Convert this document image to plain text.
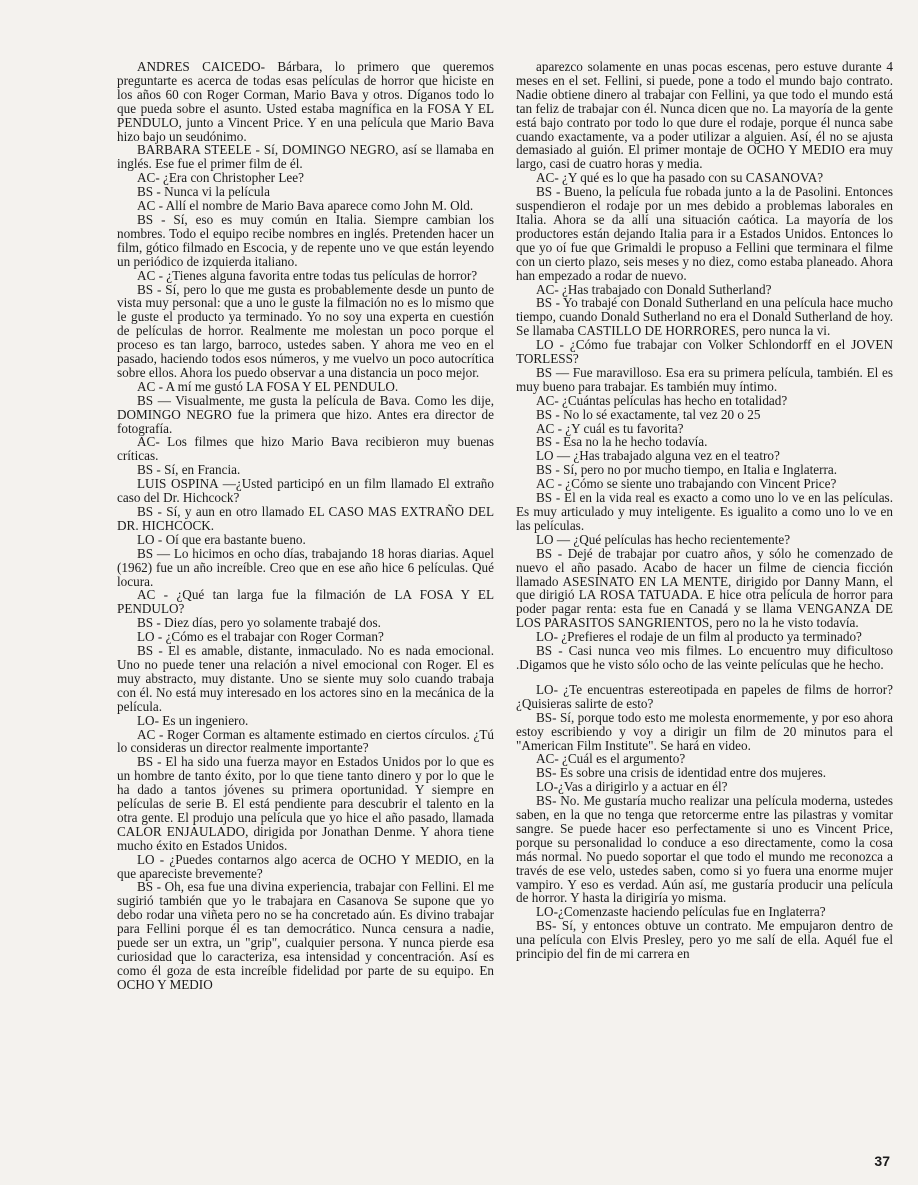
ANDRES CAICEDO- Bárbara, lo primero que queremos preguntarte es acerca de todas esas películas de horror que hiciste en los años 60 con Roger Corman, Mario Bava y otros. Díganos todo lo que pueda sobre el asunto. Usted estaba magnífica en la FOSA Y EL PENDULO, junto a Vincent Price. Y en una película que Mario Bava hizo bajo un seudónimo.

BARBARA STEELE - Sí, DOMINGO NEGRO, así se llamaba en inglés. Ese fue el primer film de él.

AC- ¿Era con Christopher Lee?

BS - Nunca vi la película

AC - Allí el nombre de Mario Bava aparece como John M. Old.

BS - Sí, eso es muy común en Italia. Siempre cambian los nombres. Todo el equipo recibe nombres en inglés. Pretenden hacer un film, gótico filmado en Escocia, y de repente uno ve que están leyendo un periódico de izquierda italiano.

AC - ¿Tienes alguna favorita entre todas tus películas de horror?

BS - Sí, pero lo que me gusta es probablemente desde un punto de vista muy personal: que a uno le guste la filmación no es lo mismo que le guste el producto ya terminado. Yo no soy una experta en cuestión de películas de horror. Realmente me molestan un poco porque el proceso es tan largo, barroco, ustedes saben. Y ahora me veo en el pasado, haciendo todos esos números, y me vuelvo un poco autocrítica sobre ellos. Ahora los puedo observar a una distancia un poco mejor.

AC - A mí me gustó LA FOSA Y EL PENDULO.

BS — Visualmente, me gusta la película de Bava. Como les dije, DOMINGO NEGRO fue la primera que hizo. Antes era director de fotografía.

AC- Los filmes que hizo Mario Bava recibieron muy buenas críticas.

BS - Sí, en Francia.

LUIS OSPINA —¿Usted participó en un film llamado El extraño caso del Dr. Hichcock?

BS - Sí, y aun en otro llamado EL CASO MAS EXTRAÑO DEL DR. HICHCOCK.

LO - Oí que era bastante bueno.

BS — Lo hicimos en ocho días, trabajando 18 horas diarias. Aquel (1962) fue un año increíble. Creo que en ese año hice 6 películas. Qué locura.

AC - ¿Qué tan larga fue la filmación de LA FOSA Y EL PENDULO?

BS - Diez días, pero yo solamente trabajé dos.

LO - ¿Cómo es el trabajar con Roger Corman?

BS - El es amable, distante, inmaculado. No es nada emocional. Uno no puede tener una relación a nivel emocional con Roger. El es muy abstracto, muy distante. Uno se siente muy solo cuando trabaja con él. No está muy interesado en los actores sino en la mecánica de la película.

LO- Es un ingeniero.

AC - Roger Corman es altamente estimado en ciertos círculos. ¿Tú lo consideras un director realmente importante?

BS - El ha sido una fuerza mayor en Estados Unidos por lo que es un hombre de tanto éxito, por lo que tiene tanto dinero y por lo que le ha dado a tantos jóvenes su primera oportunidad. Y siempre en películas de serie B. El está pendiente para descubrir el talento en la otra gente. El produjo una película que yo hice el año pasado, llamada CALOR ENJAULADO, dirigida por Jonathan Denme. Y ahora tiene mucho éxito en Estados Unidos.

LO - ¿Puedes contarnos algo acerca de OCHO Y MEDIO, en la que apareciste brevemente?

BS - Oh, esa fue una divina experiencia, trabajar con Fellini. El me sugirió también que yo le trabajara en Casanova Se supone que yo debo rodar una viñeta pero no se ha concretado aún. Es divino trabajar para Fellini porque él es tan democrático. Nunca censura a nadie, puede ser un extra, un "grip", cualquier persona. Y nunca pierde esa curiosidad que lo caracteriza, esa intensidad y concentración. Así es como él goza de esta increíble fidelidad por parte de su equipo. En OCHO Y MEDIO

aparezco solamente en unas pocas escenas, pero estuve durante 4 meses en el set. Fellini, si puede, pone a todo el mundo bajo contrato. Nadie obtiene dinero al trabajar con Fellini, ya que todo el mundo está tan feliz de trabajar con él. Nunca dicen que no. La mayoría de la gente está bajo contrato por todo lo que dure el rodaje, porque él nunca sabe cuando exactamente, va a poder utilizar a alguien. Así, él no se ajusta demasiado al guión. El primer montaje de OCHO Y MEDIO era muy largo, casi de cuatro horas y media.

AC- ¿Y qué es lo que ha pasado con su CASANOVA?

BS - Bueno, la película fue robada junto a la de Pasolini. Entonces suspendieron el rodaje por un mes debido a problemas laborales en Italia. Ahora se da allí una situación caótica. La mayoría de los productores están dejando Italia para ir a Estados Unidos. Entonces lo que yo oí fue que Grimaldi le propuso a Fellini que terminara el filme con un cierto plazo, seis meses y no diez, como estaba planeado. Ahora han empezado a rodar de nuevo.

AC- ¿Has trabajado con Donald Sutherland?

BS - Yo trabajé con Donald Sutherland en una película hace mucho tiempo, cuando Donald Sutherland no era el Donald Sutherland de hoy. Se llamaba CASTILLO DE HORRORES, pero nunca la vi.

LO - ¿Cómo fue trabajar con Volker Schlondorff en el JOVEN TORLESS?

BS — Fue maravilloso. Esa era su primera película, también. El es muy bueno para trabajar. Es también muy íntimo.

AC- ¿Cuántas películas has hecho en totalidad?

BS - No lo sé exactamente, tal vez 20 o 25

AC - ¿Y cuál es tu favorita?

BS - Esa no la he hecho todavía.

LO — ¿Has trabajado alguna vez en el teatro?

BS - Sí, pero no por mucho tiempo, en Italia e Inglaterra.

AC - ¿Cómo se siente uno trabajando con Vincent Price?

BS - El en la vida real es exacto a como uno lo ve en las películas. Es muy articulado y muy inteligente. Es igualito a como uno lo ve en las películas.

LO — ¿Qué películas has hecho recientemente?

BS - Dejé de trabajar por cuatro años, y sólo he comenzado de nuevo el año pasado. Acabo de hacer un filme de ciencia ficción llamado ASESINATO EN LA MENTE, dirigido por Danny Mann, el que dirigió LA ROSA TATUADA. E hice otra película de horror para poder pagar renta: esta fue en Canadá y se llama VENGANZA DE LOS PARASITOS SANGRIENTOS, pero no la he visto todavía.

LO- ¿Prefieres el rodaje de un film al producto ya terminado?

BS - Casi nunca veo mis filmes. Lo encuentro muy dificultoso .Digamos que he visto sólo ocho de las veinte películas que he hecho.

LO- ¿Te encuentras estereotipada en papeles de films de horror? ¿Quisieras salirte de esto?

BS- Sí, porque todo esto me molesta enormemente, y por eso ahora estoy escribiendo y voy a dirigir un film de 20 minutos para el "American Film Institute". Se hará en video.

AC- ¿Cuál es el argumento?

BS- Es sobre una crisis de identidad entre dos mujeres.

LO-¿Vas a dirigirlo y a actuar en él?

BS- No. Me gustaría mucho realizar una película moderna, ustedes saben, en la que no tenga que retorcerme entre las pilastras y vomitar sangre. Se puede hacer eso perfectamente si uno es Vincent Price, porque su personalidad lo conduce a eso directamente, como la cosa más normal. No puedo soportar el que todo el mundo me reconozca a través de ese velo, ustedes saben, como si yo fuera una enorme mujer vampiro. Y eso es verdad. Aún así, me gustaría producir una película de horror. Y hasta la dirigiría yo misma.

LO-¿Comenzaste haciendo películas fue en Inglaterra?

BS- Sí, y entonces obtuve un contrato. Me empujaron dentro de una película con Elvis Presley, pero yo me salí de ella. Aquél fue el principio del fin de mi carrera en

37
